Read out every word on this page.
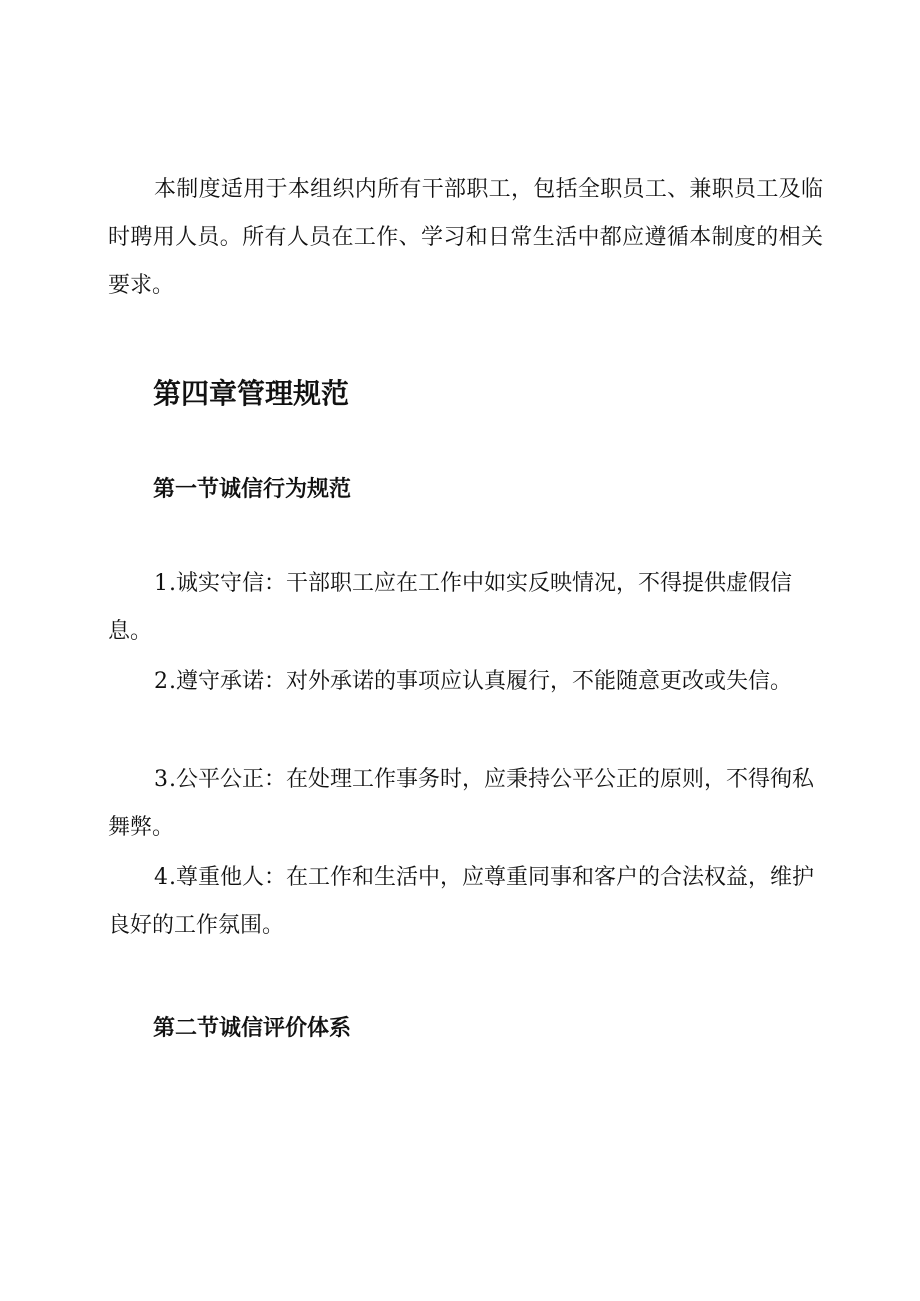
本制度适用于本组织内所有干部职工，包括全职员工、兼职员工及临时聘用人员。所有人员在工作、学习和日常生活中都应遵循本制度的相关要求。

第四章管理规范
第一节诚信行为规范

1.诚实守信：干部职工应在工作中如实反映情况，不得提供虚假信息。

2.遵守承诺：对外承诺的事项应认真履行，不能随意更改或失信。

3.公平公正：在处理工作事务时，应秉持公平公正的原则，不得徇私舞弊。

4.尊重他人：在工作和生活中，应尊重同事和客户的合法权益，维护良好的工作氛围。

第二节诚信评价体系
